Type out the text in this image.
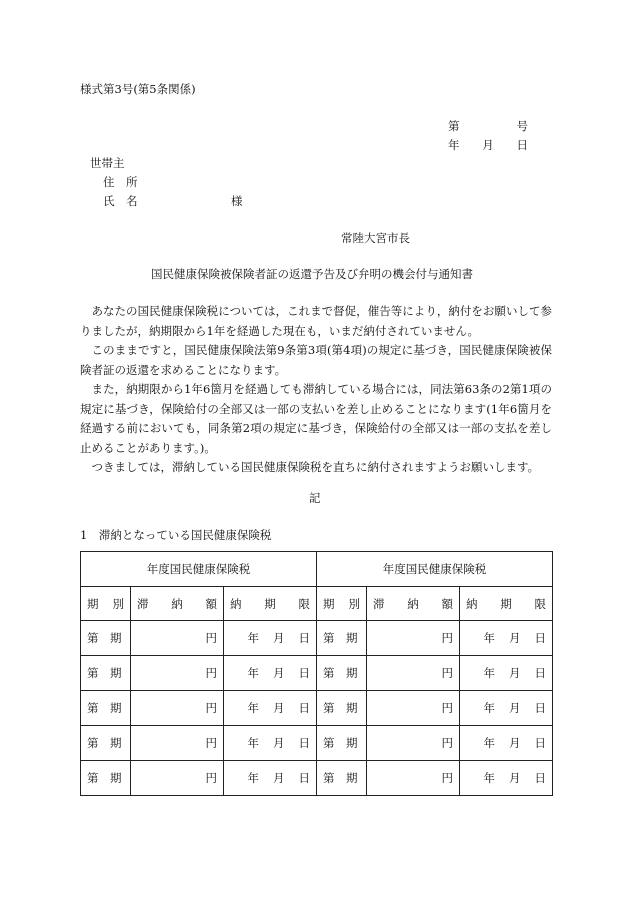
様式第3号(第5条関係)
第	号
年 月 日
世帯主
住　所
氏　名	様
常陸大宮市長
国民健康保険被保険者証の返還予告及び弁明の機会付与通知書
あなたの国民健康保険税については，これまで督促，催告等により，納付をお願いして参りましたが，納期限から1年を経過した現在も，いまだ納付されていません。
このままですと，国民健康保険法第9条第3項(第4項)の規定に基づき，国民健康保険被保険者証の返還を求めることになります。
また，納期限から1年6箇月を経過しても滞納している場合には，同法第63条の2第1項の規定に基づき，保険給付の全部又は一部の支払いを差し止めることになります(1年6箇月を経過する前においても，同条第2項の規定に基づき，保険給付の全部又は一部の支払を差し止めることがあります。)。
つきましては，滞納している国民健康保険税を直ちに納付されますようお願いします。
記
1　滞納となっている国民健康保険税
年度国民健康保険税			年度国民健康保険税		

期 別	滞 納 額	納 期 限	期 別	滞 納 額	納 期 限

第　期	円	年 月 日	第　期	円	年 月 日
第　期	円	年 月 日	第　期	円	年 月 日
第　期	円	年 月 日	第　期	円	年 月 日
第　期	円	年 月 日	第　期	円	年 月 日
第　期	円	年 月 日	第　期	円	年 月 日
